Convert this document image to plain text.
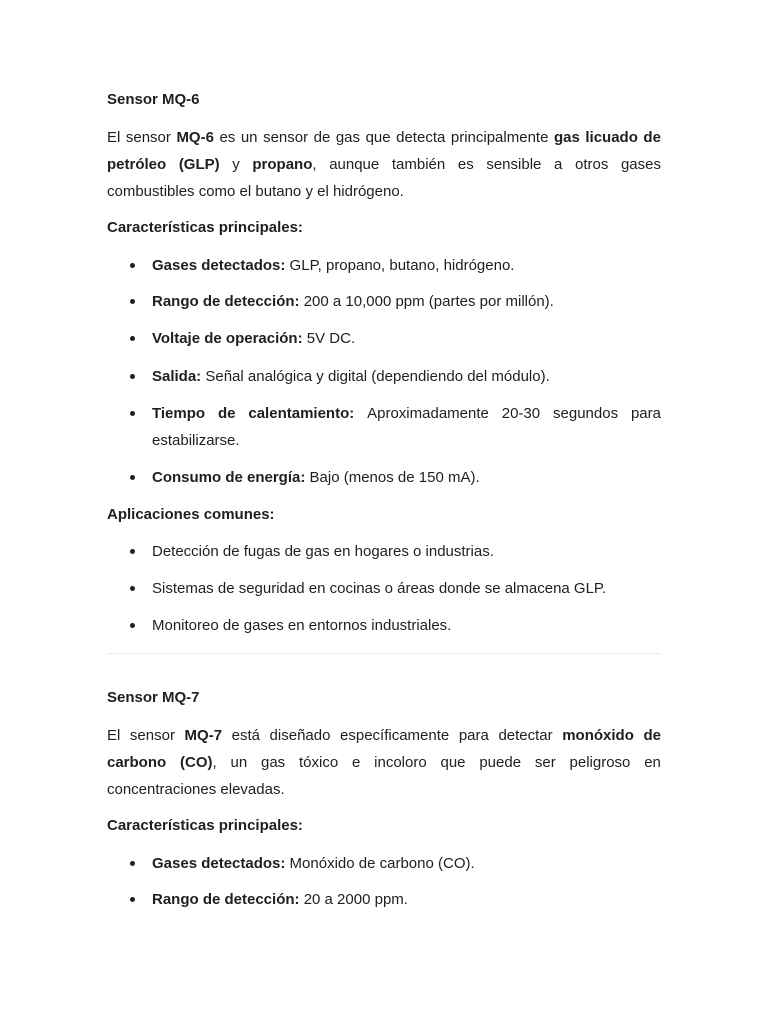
Sensor MQ-6
El sensor MQ-6 es un sensor de gas que detecta principalmente gas licuado de
petróleo (GLP) y propano, aunque también es sensible a otros gases
combustibles como el butano y el hidrógeno.
Características principales:
Gases detectados: GLP, propano, butano, hidrógeno.
Rango de detección: 200 a 10,000 ppm (partes por millón).
Voltaje de operación: 5V DC.
Salida: Señal analógica y digital (dependiendo del módulo).
Tiempo de calentamiento: Aproximadamente 20-30 segundos para
estabilizarse.
Consumo de energía: Bajo (menos de 150 mA).
Aplicaciones comunes:
Detección de fugas de gas en hogares o industrias.
Sistemas de seguridad en cocinas o áreas donde se almacena GLP.
Monitoreo de gases en entornos industriales.
Sensor MQ-7
El sensor MQ-7 está diseñado específicamente para detectar monóxido de
carbono (CO), un gas tóxico e incoloro que puede ser peligroso en
concentraciones elevadas.
Características principales:
Gases detectados: Monóxido de carbono (CO).
Rango de detección: 20 a 2000 ppm.
